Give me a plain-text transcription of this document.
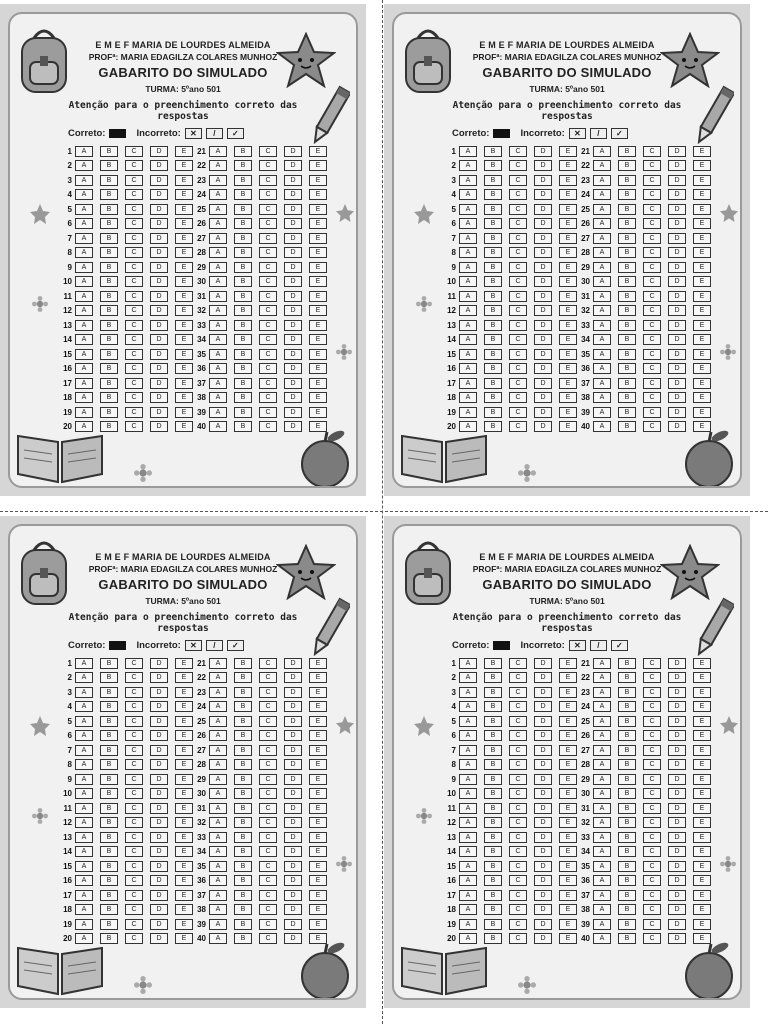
E M E F MARIA DE LOURDES ALMEIDA
PROFª: MARIA EDAGILZA COLARES MUNHOZ
GABARITO DO SIMULADO
TURMA: 5ºano 501
Atenção para o preenchimento correto das respostas
Correto:	Incorreto:	✕	/	✓
1	A	B	C	D	E
2	A	B	C	D	E
3	A	B	C	D	E
4	A	B	C	D	E
5	A	B	C	D	E
6	A	B	C	D	E
7	A	B	C	D	E
8	A	B	C	D	E
9	A	B	C	D	E
10	A	B	C	D	E
11	A	B	C	D	E
12	A	B	C	D	E
13	A	B	C	D	E
14	A	B	C	D	E
15	A	B	C	D	E
16	A	B	C	D	E
17	A	B	C	D	E
18	A	B	C	D	E
19	A	B	C	D	E
20	A	B	C	D	E
21	A	B	C	D	E
22	A	B	C	D	E
23	A	B	C	D	E
24	A	B	C	D	E
25	A	B	C	D	E
26	A	B	C	D	E
27	A	B	C	D	E
28	A	B	C	D	E
29	A	B	C	D	E
30	A	B	C	D	E
31	A	B	C	D	E
32	A	B	C	D	E
33	A	B	C	D	E
34	A	B	C	D	E
35	A	B	C	D	E
36	A	B	C	D	E
37	A	B	C	D	E
38	A	B	C	D	E
39	A	B	C	D	E
40	A	B	C	D	E
E M E F MARIA DE LOURDES ALMEIDA
PROFª: MARIA EDAGILZA COLARES MUNHOZ
GABARITO DO SIMULADO
TURMA: 5ºano 501
Atenção para o preenchimento correto das respostas
Correto:	Incorreto:	✕	/	✓
1	A	B	C	D	E
2	A	B	C	D	E
3	A	B	C	D	E
4	A	B	C	D	E
5	A	B	C	D	E
6	A	B	C	D	E
7	A	B	C	D	E
8	A	B	C	D	E
9	A	B	C	D	E
10	A	B	C	D	E
11	A	B	C	D	E
12	A	B	C	D	E
13	A	B	C	D	E
14	A	B	C	D	E
15	A	B	C	D	E
16	A	B	C	D	E
17	A	B	C	D	E
18	A	B	C	D	E
19	A	B	C	D	E
20	A	B	C	D	E
21	A	B	C	D	E
22	A	B	C	D	E
23	A	B	C	D	E
24	A	B	C	D	E
25	A	B	C	D	E
26	A	B	C	D	E
27	A	B	C	D	E
28	A	B	C	D	E
29	A	B	C	D	E
30	A	B	C	D	E
31	A	B	C	D	E
32	A	B	C	D	E
33	A	B	C	D	E
34	A	B	C	D	E
35	A	B	C	D	E
36	A	B	C	D	E
37	A	B	C	D	E
38	A	B	C	D	E
39	A	B	C	D	E
40	A	B	C	D	E
E M E F MARIA DE LOURDES ALMEIDA
PROFª: MARIA EDAGILZA COLARES MUNHOZ
GABARITO DO SIMULADO
TURMA: 5ºano 501
Atenção para o preenchimento correto das respostas
Correto:	Incorreto:	✕	/	✓
1	A	B	C	D	E
2	A	B	C	D	E
3	A	B	C	D	E
4	A	B	C	D	E
5	A	B	C	D	E
6	A	B	C	D	E
7	A	B	C	D	E
8	A	B	C	D	E
9	A	B	C	D	E
10	A	B	C	D	E
11	A	B	C	D	E
12	A	B	C	D	E
13	A	B	C	D	E
14	A	B	C	D	E
15	A	B	C	D	E
16	A	B	C	D	E
17	A	B	C	D	E
18	A	B	C	D	E
19	A	B	C	D	E
20	A	B	C	D	E
21	A	B	C	D	E
22	A	B	C	D	E
23	A	B	C	D	E
24	A	B	C	D	E
25	A	B	C	D	E
26	A	B	C	D	E
27	A	B	C	D	E
28	A	B	C	D	E
29	A	B	C	D	E
30	A	B	C	D	E
31	A	B	C	D	E
32	A	B	C	D	E
33	A	B	C	D	E
34	A	B	C	D	E
35	A	B	C	D	E
36	A	B	C	D	E
37	A	B	C	D	E
38	A	B	C	D	E
39	A	B	C	D	E
40	A	B	C	D	E
E M E F MARIA DE LOURDES ALMEIDA
PROFª: MARIA EDAGILZA COLARES MUNHOZ
GABARITO DO SIMULADO
TURMA: 5ºano 501
Atenção para o preenchimento correto das respostas
Correto:	Incorreto:	✕	/	✓
1	A	B	C	D	E
2	A	B	C	D	E
3	A	B	C	D	E
4	A	B	C	D	E
5	A	B	C	D	E
6	A	B	C	D	E
7	A	B	C	D	E
8	A	B	C	D	E
9	A	B	C	D	E
10	A	B	C	D	E
11	A	B	C	D	E
12	A	B	C	D	E
13	A	B	C	D	E
14	A	B	C	D	E
15	A	B	C	D	E
16	A	B	C	D	E
17	A	B	C	D	E
18	A	B	C	D	E
19	A	B	C	D	E
20	A	B	C	D	E
21	A	B	C	D	E
22	A	B	C	D	E
23	A	B	C	D	E
24	A	B	C	D	E
25	A	B	C	D	E
26	A	B	C	D	E
27	A	B	C	D	E
28	A	B	C	D	E
29	A	B	C	D	E
30	A	B	C	D	E
31	A	B	C	D	E
32	A	B	C	D	E
33	A	B	C	D	E
34	A	B	C	D	E
35	A	B	C	D	E
36	A	B	C	D	E
37	A	B	C	D	E
38	A	B	C	D	E
39	A	B	C	D	E
40	A	B	C	D	E
